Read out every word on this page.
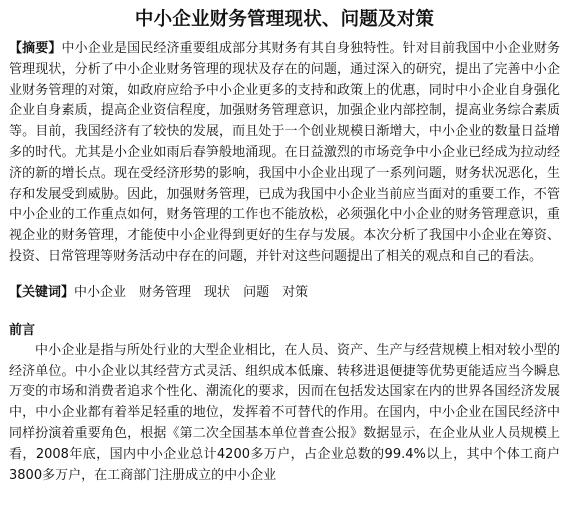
中小企业财务管理现状、问题及对策

【摘要】中小企业是国民经济重要组成部分其财务有其自身独特性。针对目前我国中小企业财务管理现状，分析了中小企业财务管理的现状及存在的问题，通过深入的研究，提出了完善中小企业财务管理的对策，如政府应给予中小企业更多的支持和政策上的优惠，同时中小企业自身强化企业自身素质，提高企业资信程度，加强财务管理意识，加强企业内部控制，提高业务综合素质等。目前，我国经济有了较快的发展，而且处于一个创业规模日渐增大，中小企业的数量日益增多的时代。尤其是小企业如雨后春笋般地涌现。在日益激烈的市场竞争中小企业已经成为拉动经济的新的增长点。现在受经济形势的影响，我国中小企业出现了一系列问题，财务状况恶化，生存和发展受到威胁。因此，加强财务管理，已成为我国中小企业当前应当面对的重要工作，不管中小企业的工作重点如何，财务管理的工作也不能放松，必须强化中小企业的财务管理意识，重视企业的财务管理，才能使中小企业得到更好的生存与发展。本次分析了我国中小企业在筹资、投资、日常管理等财务活动中存在的问题，并针对这些问题提出了相关的观点和自己的看法。

【关键词】中小企业 财务管理 现状 问题 对策
前言

中小企业是指与所处行业的大型企业相比，在人员、资产、生产与经营规模上相对较小型的经济单位。中小企业以其经营方式灵活、组织成本低廉、转移进退便捷等优势更能适应当今瞬息万变的市场和消费者追求个性化、潮流化的要求，因而在包括发达国家在内的世界各国经济发展中，中小企业都有着举足轻重的地位，发挥着不可替代的作用。在国内，中小企业在国民经济中同样扮演着重要角色，根据《第二次全国基本单位普查公报》数据显示，在企业从业人员规模上看，2008年底，国内中小企业总计4200多万户，占企业总数的99.4%以上，其中个体工商户3800多万户，在工商部门注册成立的中小企业
